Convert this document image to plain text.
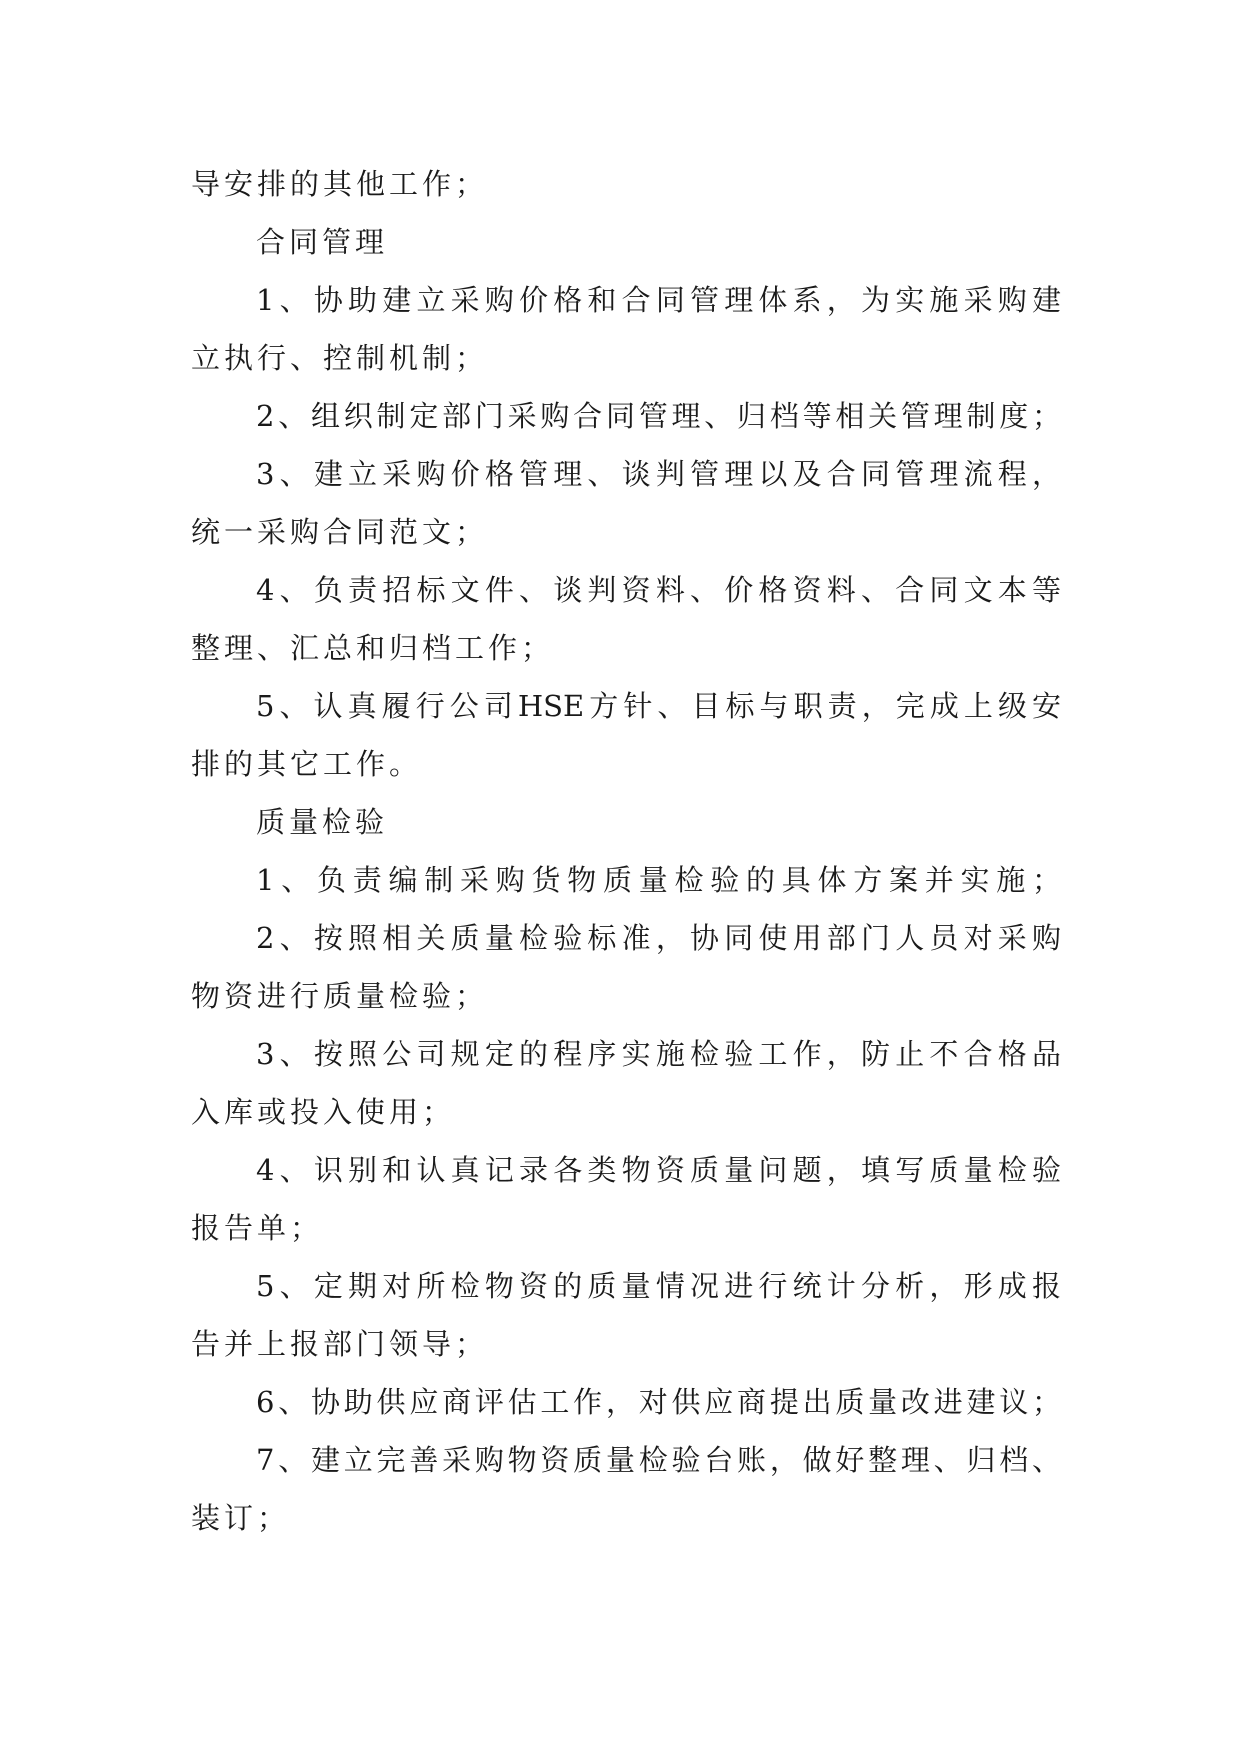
导安排的其他工作；

合同管理

1、协助建立采购价格和合同管理体系，为实施采购建

立执行、控制机制；

2、组织制定部门采购合同管理、归档等相关管理制度；

3、建立采购价格管理、谈判管理以及合同管理流程，

统一采购合同范文；

4、负责招标文件、谈判资料、价格资料、合同文本等

整理、汇总和归档工作；

5、认真履行公司HSE方针、目标与职责，完成上级安

排的其它工作。

质量检验

1、负责编制采购货物质量检验的具体方案并实施；

2、按照相关质量检验标准，协同使用部门人员对采购

物资进行质量检验；

3、按照公司规定的程序实施检验工作，防止不合格品

入库或投入使用；

4、识别和认真记录各类物资质量问题，填写质量检验

报告单；

5、定期对所检物资的质量情况进行统计分析，形成报

告并上报部门领导；

6、协助供应商评估工作，对供应商提出质量改进建议；

7、建立完善采购物资质量检验台账，做好整理、归档、

装订；
